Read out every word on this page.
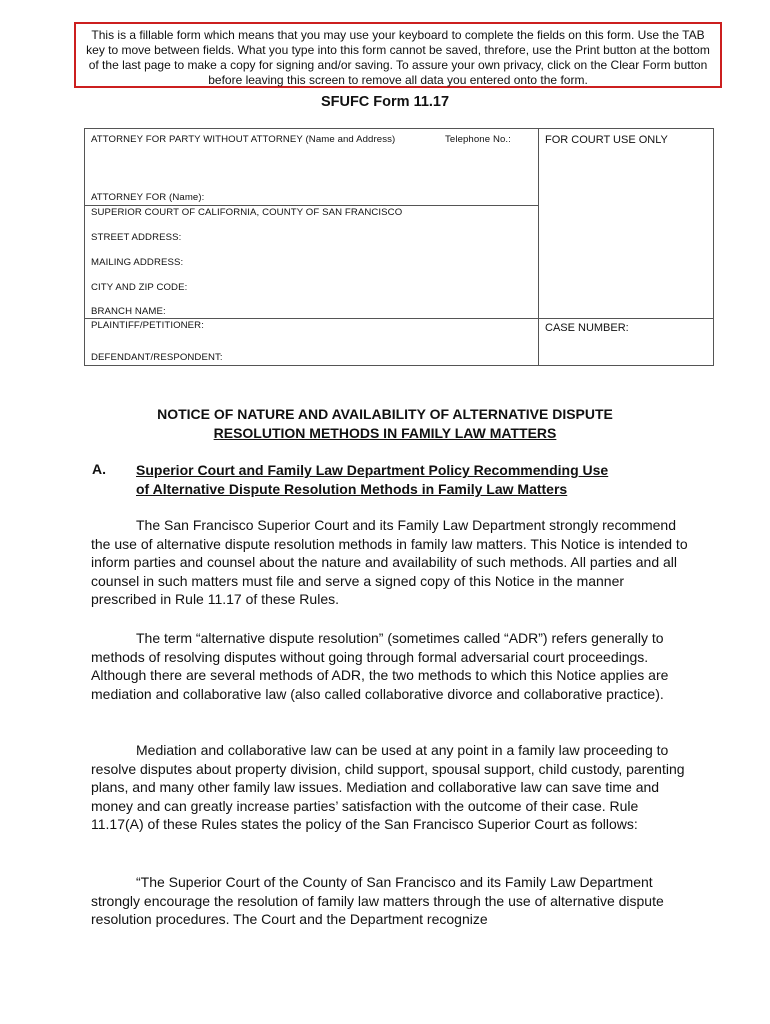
This is a fillable form which means that you may use your keyboard to complete the fields on this form. Use the TAB key to move between fields. What you type into this form cannot be saved, threfore, use the Print button at the bottom of the last page to make a copy for signing and/or saving. To assure your own privacy, click on the Clear Form button before leaving this screen to remove all data you entered onto the form.
SFUFC Form 11.17
ATTORNEY FOR PARTY WITHOUT ATTORNEY (Name and Address)	Telephone No.:	FOR COURT USE ONLY
ATTORNEY FOR (Name):
SUPERIOR COURT OF CALIFORNIA, COUNTY OF SAN FRANCISCO
STREET ADDRESS:
MAILING ADDRESS:
CITY AND ZIP CODE:
BRANCH NAME:
PLAINTIFF/PETITIONER:	CASE NUMBER:
DEFENDANT/RESPONDENT:
NOTICE OF NATURE AND AVAILABILITY OF ALTERNATIVE DISPUTE
RESOLUTION METHODS IN FAMILY LAW MATTERS
A. Superior Court and Family Law Department Policy Recommending Use
of Alternative Dispute Resolution Methods in Family Law Matters

The San Francisco Superior Court and its Family Law Department strongly recommend the use of alternative dispute resolution methods in family law matters. This Notice is intended to inform parties and counsel about the nature and availability of such methods. All parties and all counsel in such matters must file and serve a signed copy of this Notice in the manner prescribed in Rule 11.17 of these Rules.

The term “alternative dispute resolution” (sometimes called “ADR”) refers generally to methods of resolving disputes without going through formal adversarial court proceedings. Although there are several methods of ADR, the two methods to which this Notice applies are mediation and collaborative law (also called collaborative divorce and collaborative practice).

Mediation and collaborative law can be used at any point in a family law proceeding to resolve disputes about property division, child support, spousal support, child custody, parenting plans, and many other family law issues. Mediation and collaborative law can save time and money and can greatly increase parties’ satisfaction with the outcome of their case. Rule 11.17(A) of these Rules states the policy of the San Francisco Superior Court as follows:

“The Superior Court of the County of San Francisco and its Family Law Department strongly encourage the resolution of family law matters through the use of alternative dispute resolution procedures. The Court and the Department recognize
